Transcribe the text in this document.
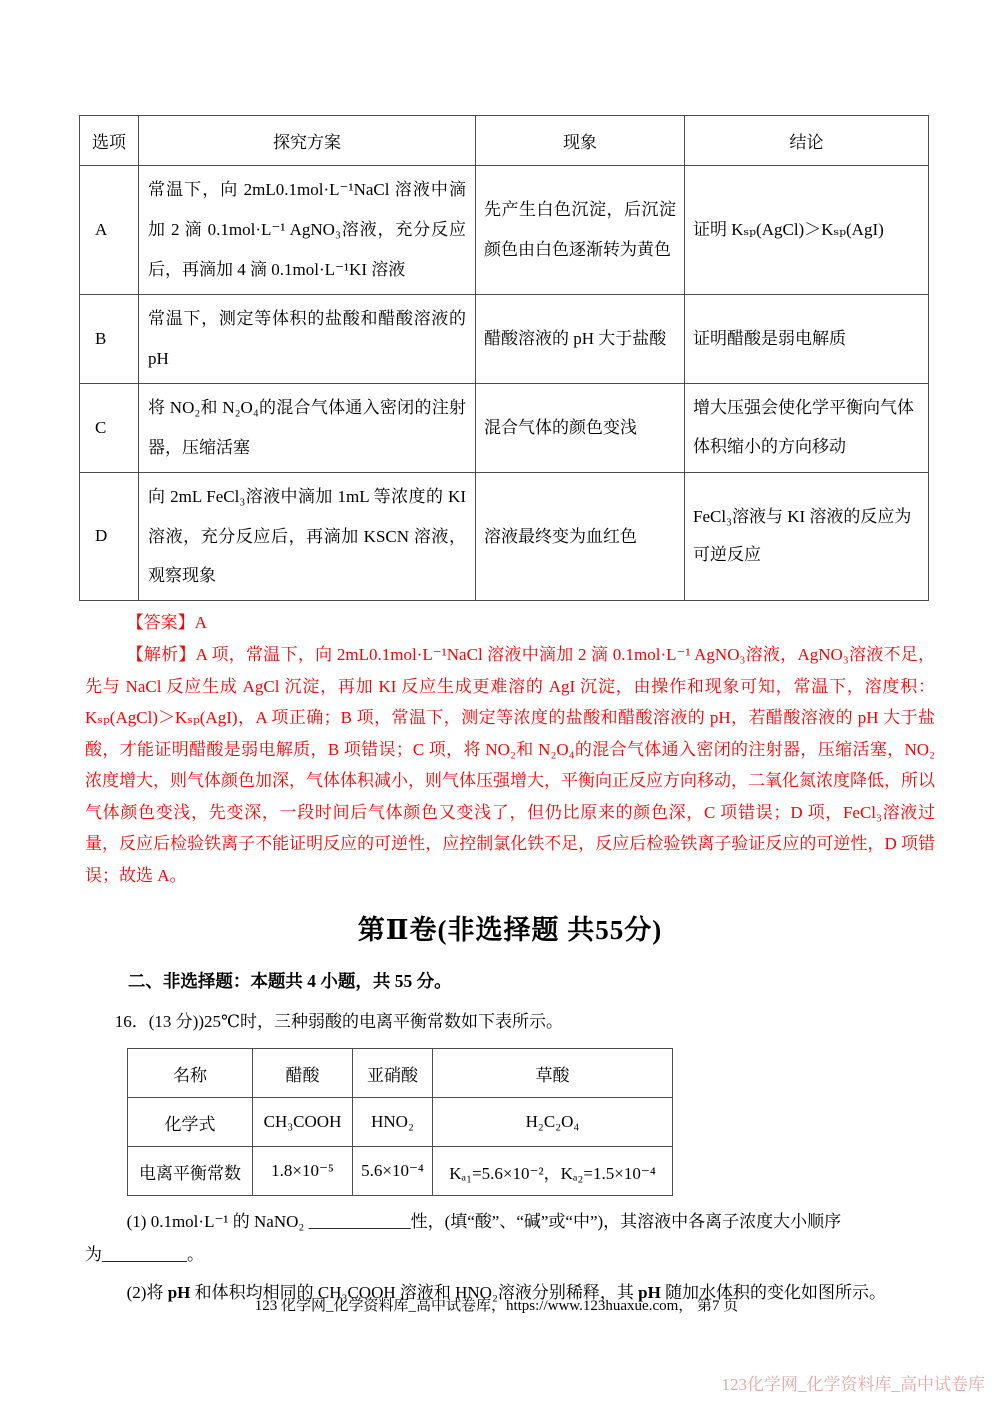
选项	探究方案	现象	结论
A	常温下，向 2mL0.1mol·L⁻¹NaCl 溶液中滴加 2 滴 0.1mol·L⁻¹ AgNO₃溶液，充分反应后，再滴加 4 滴 0.1mol·L⁻¹KI 溶液	先产生白色沉淀，后沉淀颜色由白色逐渐转为黄色	证明 Kₛₚ(AgCl)＞Kₛₚ(AgI)
B	常温下，测定等体积的盐酸和醋酸溶液的 pH	醋酸溶液的 pH 大于盐酸	证明醋酸是弱电解质
C	将 NO₂和 N₂O₄的混合气体通入密闭的注射器，压缩活塞	混合气体的颜色变浅	增大压强会使化学平衡向气体体积缩小的方向移动
D	向 2mL FeCl₃溶液中滴加 1mL 等浓度的 KI 溶液，充分反应后，再滴加 KSCN 溶液，观察现象	溶液最终变为血红色	FeCl₃溶液与 KI 溶液的反应为可逆反应

【答案】A

【解析】A 项，常温下，向 2mL0.1mol·L⁻¹NaCl 溶液中滴加 2 滴 0.1mol·L⁻¹ AgNO₃溶液，AgNO₃溶液不足，先与 NaCl 反应生成 AgCl 沉淀，再加 KI 反应生成更难溶的 AgI 沉淀，由操作和现象可知，常温下，溶度积：Kₛₚ(AgCl)＞Kₛₚ(AgI)，A 项正确；B 项，常温下，测定等浓度的盐酸和醋酸溶液的 pH，若醋酸溶液的 pH 大于盐酸，才能证明醋酸是弱电解质，B 项错误；C 项，将 NO₂和 N₂O₄的混合气体通入密闭的注射器，压缩活塞，NO₂浓度增大，则气体颜色加深，气体体积减小，则气体压强增大，平衡向正反应方向移动，二氧化氮浓度降低，所以气体颜色变浅，先变深，一段时间后气体颜色又变浅了，但仍比原来的颜色深，C 项错误；D 项，FeCl₃溶液过量，反应后检验铁离子不能证明反应的可逆性，应控制氯化铁不足，反应后检验铁离子验证反应的可逆性，D 项错误；故选 A。

第Ⅱ卷(非选择题 共55分)

二、非选择题：本题共 4 小题，共 55 分。

16．(13 分))25℃时，三种弱酸的电离平衡常数如下表所示。

名称	醋酸	亚硝酸	草酸
化学式	CH₃COOH	HNO₂	H₂C₂O₄
电离平衡常数	1.8×10⁻⁵	5.6×10⁻⁴	Kₐ₁=5.6×10⁻²，Kₐ₂=1.5×10⁻⁴

(1) 0.1mol·L⁻¹ 的 NaNO₂ ____________性，(填“酸”、“碱”或“中”)，其溶液中各离子浓度大小顺序

为__________。

(2)将 pH 和体积均相同的 CH₃COOH 溶液和 HNO₂溶液分别稀释，其 pH 随加水体积的变化如图所示。

123 化学网_化学资料库_高中试卷库，https://www.123huaxue.com， 第7 页
123化学网_化学资料库_高中试卷库
